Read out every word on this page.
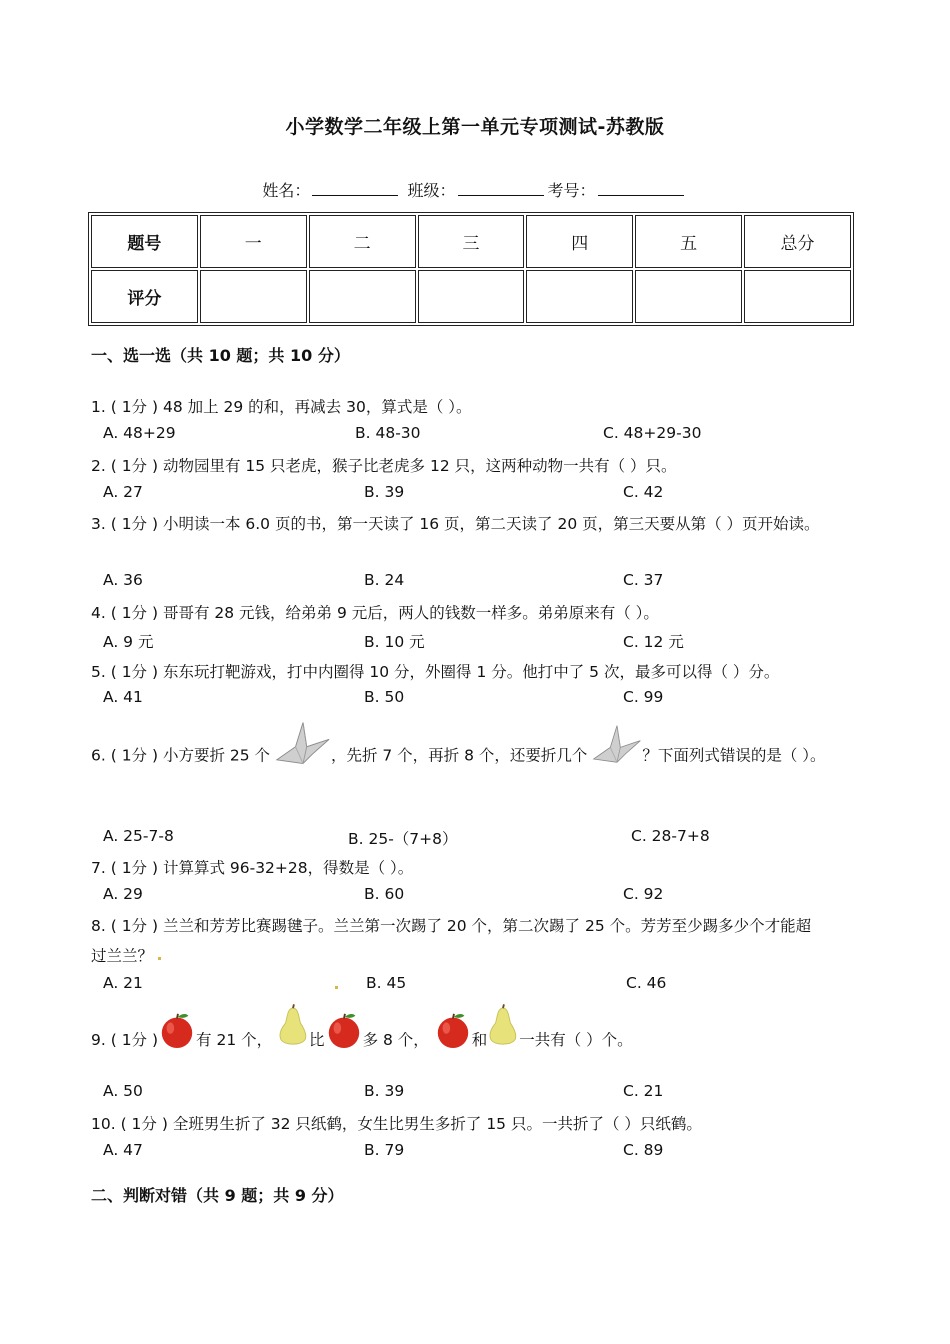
小学数学二年级上第一单元专项测试-苏教版
姓名：	班级：	考号：
题号	一	二	三	四	五	总分
评分						
一、选一选（共 10 题；共 10 分）
1. ( 1分 ) 48 加上 29 的和，再减去 30，算式是（ ）。
A. 48+29	B. 48-30	C. 48+29-30
2. ( 1分 ) 动物园里有 15 只老虎，猴子比老虎多 12 只，这两种动物一共有（ ）只。
A. 27	B. 39	C. 42
3. ( 1分 ) 小明读一本 6.0 页的书，第一天读了 16 页，第二天读了 20 页，第三天要从第（ ）页开始读。
A. 36	B. 24	C. 37
4. ( 1分 ) 哥哥有 28 元钱，给弟弟 9 元后，两人的钱数一样多。弟弟原来有（ ）。
A. 9 元	B. 10 元	C. 12 元
5. ( 1分 ) 东东玩打靶游戏，打中内圈得 10 分，外圈得 1 分。他打中了 5 次，最多可以得（ ）分。
A. 41	B. 50	C. 99
6. ( 1分 ) 小方要折 25 个	，先折 7 个，再折 8 个，还要折几个	？下面列式错误的是（ ）。
A. 25-7-8	B. 25-（7+8）	C. 28-7+8
7. ( 1分 ) 计算算式 96-32+28，得数是（ ）。
A. 29	B. 60	C. 92
8. ( 1分 ) 兰兰和芳芳比赛踢毽子。兰兰第一次踢了 20 个，第二次踢了 25 个。芳芳至少踢多少个才能超
过兰兰？
A. 21	B. 45	C. 46
9. ( 1分 ) 有 21 个， 比 多 8 个，	和 一共有（ ）个。
A. 50	B. 39	C. 21
10. ( 1分 ) 全班男生折了 32 只纸鹤，女生比男生多折了 15 只。一共折了（ ）只纸鹤。
A. 47	B. 79	C. 89
二、判断对错（共 9 题；共 9 分）
